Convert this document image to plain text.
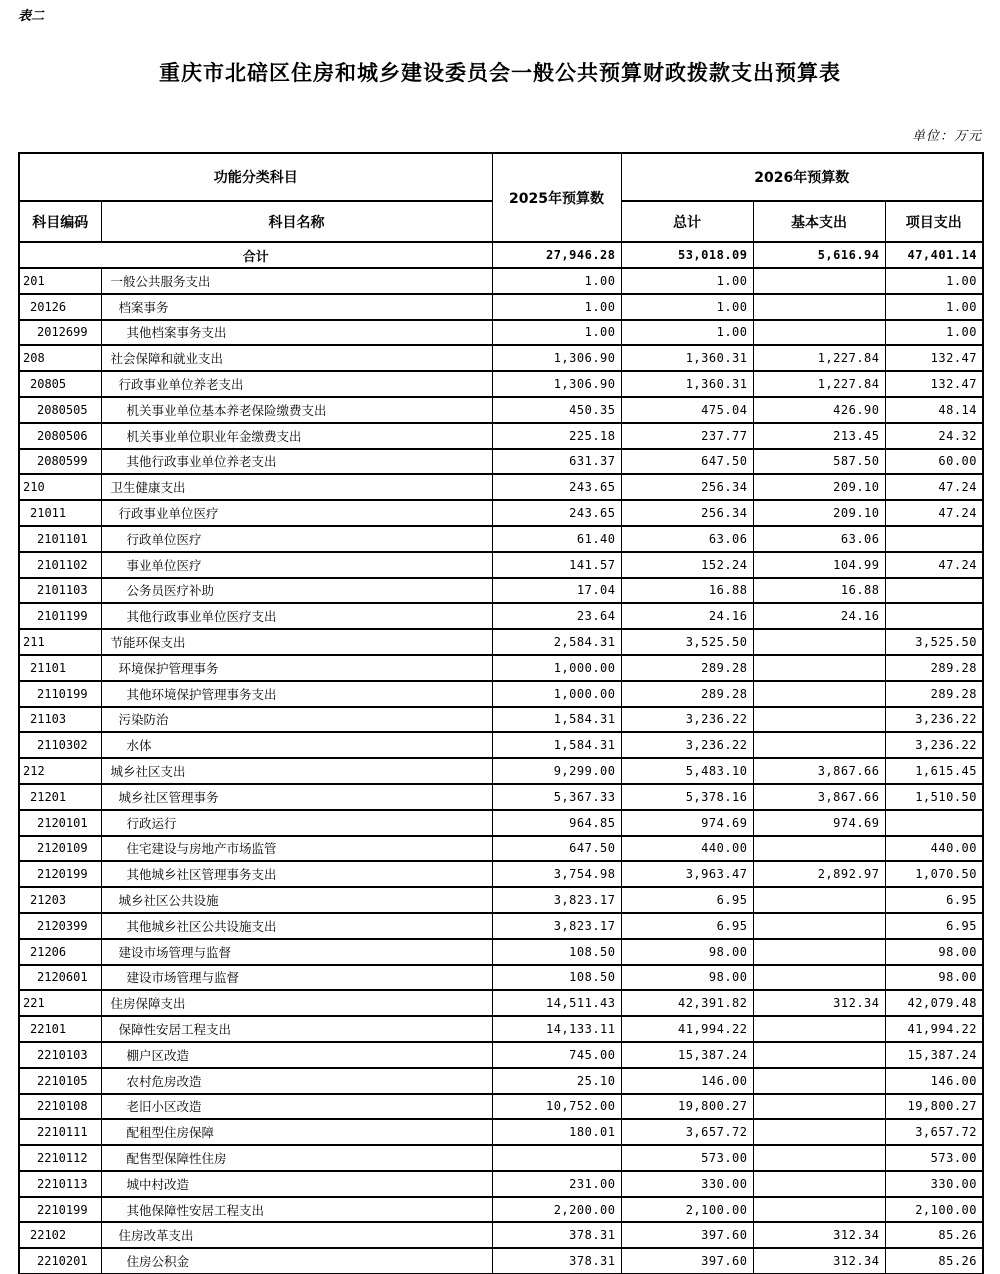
表二
重庆市北碚区住房和城乡建设委员会一般公共预算财政拨款支出预算表
单位：万元
功能分类科目		2025年预算数	2026年预算数		
科目编码	科目名称		总计	基本支出	项目支出
合计		27,946.28	53,018.09	5,616.94	47,401.14
201	一般公共服务支出	1.00	1.00		1.00
20126	档案事务	1.00	1.00		1.00
2012699	其他档案事务支出	1.00	1.00		1.00
208	社会保障和就业支出	1,306.90	1,360.31	1,227.84	132.47
20805	行政事业单位养老支出	1,306.90	1,360.31	1,227.84	132.47
2080505	机关事业单位基本养老保险缴费支出	450.35	475.04	426.90	48.14
2080506	机关事业单位职业年金缴费支出	225.18	237.77	213.45	24.32
2080599	其他行政事业单位养老支出	631.37	647.50	587.50	60.00
210	卫生健康支出	243.65	256.34	209.10	47.24
21011	行政事业单位医疗	243.65	256.34	209.10	47.24
2101101	行政单位医疗	61.40	63.06	63.06	
2101102	事业单位医疗	141.57	152.24	104.99	47.24
2101103	公务员医疗补助	17.04	16.88	16.88	
2101199	其他行政事业单位医疗支出	23.64	24.16	24.16	
211	节能环保支出	2,584.31	3,525.50		3,525.50
21101	环境保护管理事务	1,000.00	289.28		289.28
2110199	其他环境保护管理事务支出	1,000.00	289.28		289.28
21103	污染防治	1,584.31	3,236.22		3,236.22
2110302	水体	1,584.31	3,236.22		3,236.22
212	城乡社区支出	9,299.00	5,483.10	3,867.66	1,615.45
21201	城乡社区管理事务	5,367.33	5,378.16	3,867.66	1,510.50
2120101	行政运行	964.85	974.69	974.69	
2120109	住宅建设与房地产市场监管	647.50	440.00		440.00
2120199	其他城乡社区管理事务支出	3,754.98	3,963.47	2,892.97	1,070.50
21203	城乡社区公共设施	3,823.17	6.95		6.95
2120399	其他城乡社区公共设施支出	3,823.17	6.95		6.95
21206	建设市场管理与监督	108.50	98.00		98.00
2120601	建设市场管理与监督	108.50	98.00		98.00
221	住房保障支出	14,511.43	42,391.82	312.34	42,079.48
22101	保障性安居工程支出	14,133.11	41,994.22		41,994.22
2210103	棚户区改造	745.00	15,387.24		15,387.24
2210105	农村危房改造	25.10	146.00		146.00
2210108	老旧小区改造	10,752.00	19,800.27		19,800.27
2210111	配租型住房保障	180.01	3,657.72		3,657.72
2210112	配售型保障性住房		573.00		573.00
2210113	城中村改造	231.00	330.00		330.00
2210199	其他保障性安居工程支出	2,200.00	2,100.00		2,100.00
22102	住房改革支出	378.31	397.60	312.34	85.26
2210201	住房公积金	378.31	397.60	312.34	85.26
